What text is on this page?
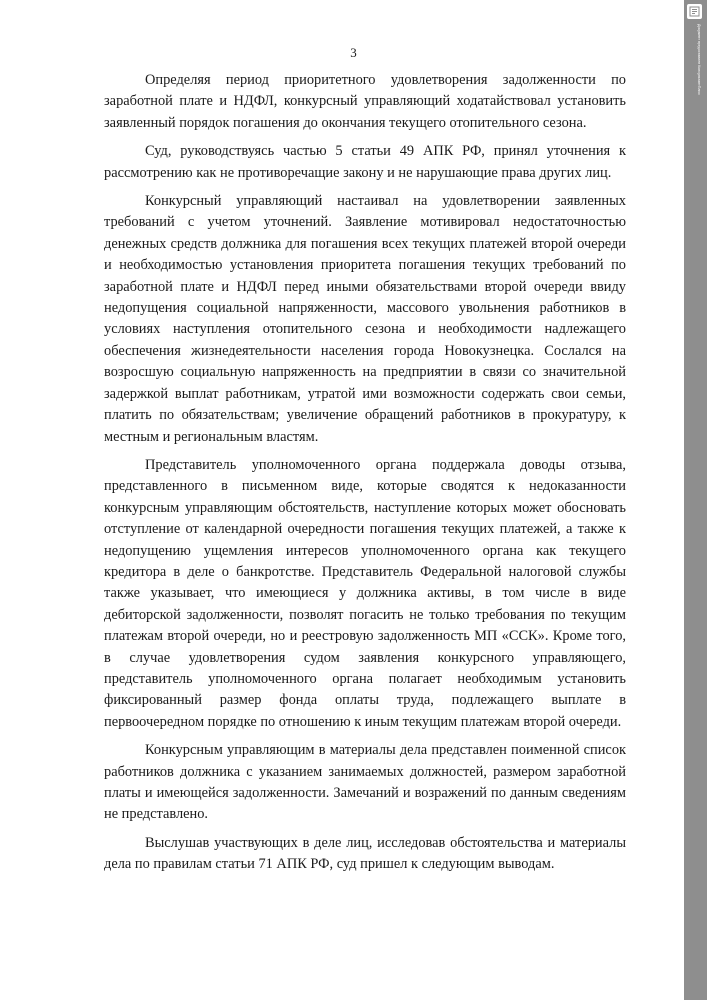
3

Определяя период приоритетного удовлетворения задолженности по заработной плате и НДФЛ, конкурсный управляющий ходатайствовал установить заявленный порядок погашения до окончания текущего отопительного сезона.

Суд, руководствуясь частью 5 статьи 49 АПК РФ, принял уточнения к рассмотрению как не противоречащие закону и не нарушающие права других лиц.

Конкурсный управляющий настаивал на удовлетворении заявленных требований с учетом уточнений. Заявление мотивировал недостаточностью денежных средств должника для погашения всех текущих платежей второй очереди и необходимостью установления приоритета погашения текущих требований по заработной плате и НДФЛ перед иными обязательствами второй очереди ввиду недопущения социальной напряженности, массового увольнения работников в условиях наступления отопительного сезона и необходимости надлежащего обеспечения жизнедеятельности населения города Новокузнецка. Сослался на возросшую социальную напряженность на предприятии в связи со значительной задержкой выплат работникам, утратой ими возможности содержать свои семьи, платить по обязательствам; увеличение обращений работников в прокуратуру, к местным и региональным властям.

Представитель уполномоченного органа поддержала доводы отзыва, представленного в письменном виде, которые сводятся к недоказанности конкурсным управляющим обстоятельств, наступление которых может обосновать отступление от календарной очередности погашения текущих платежей, а также к недопущению ущемления интересов уполномоченного органа как текущего кредитора в деле о банкротстве. Представитель Федеральной налоговой службы также указывает, что имеющиеся у должника активы, в том числе в виде дебиторской задолженности, позволят погасить не только требования по текущим платежам второй очереди, но и реестровую задолженность МП «ССК». Кроме того, в случае удовлетворения судом заявления конкурсного управляющего, представитель уполномоченного органа полагает необходимым установить фиксированный размер фонда оплаты труда, подлежащего выплате в первоочередном порядке по отношению к иным текущим платежам второй очереди.

Конкурсным управляющим в материалы дела представлен поименной список работников должника с указанием занимаемых должностей, размером заработной платы и имеющейся задолженности. Замечаний и возражений по данным сведениям не представлено.

Выслушав участвующих в деле лиц, исследовав обстоятельства и материалы дела по правилам статьи 71 АПК РФ, суд пришел к следующим выводам.

Документ предоставлен КонсультантПлюс
